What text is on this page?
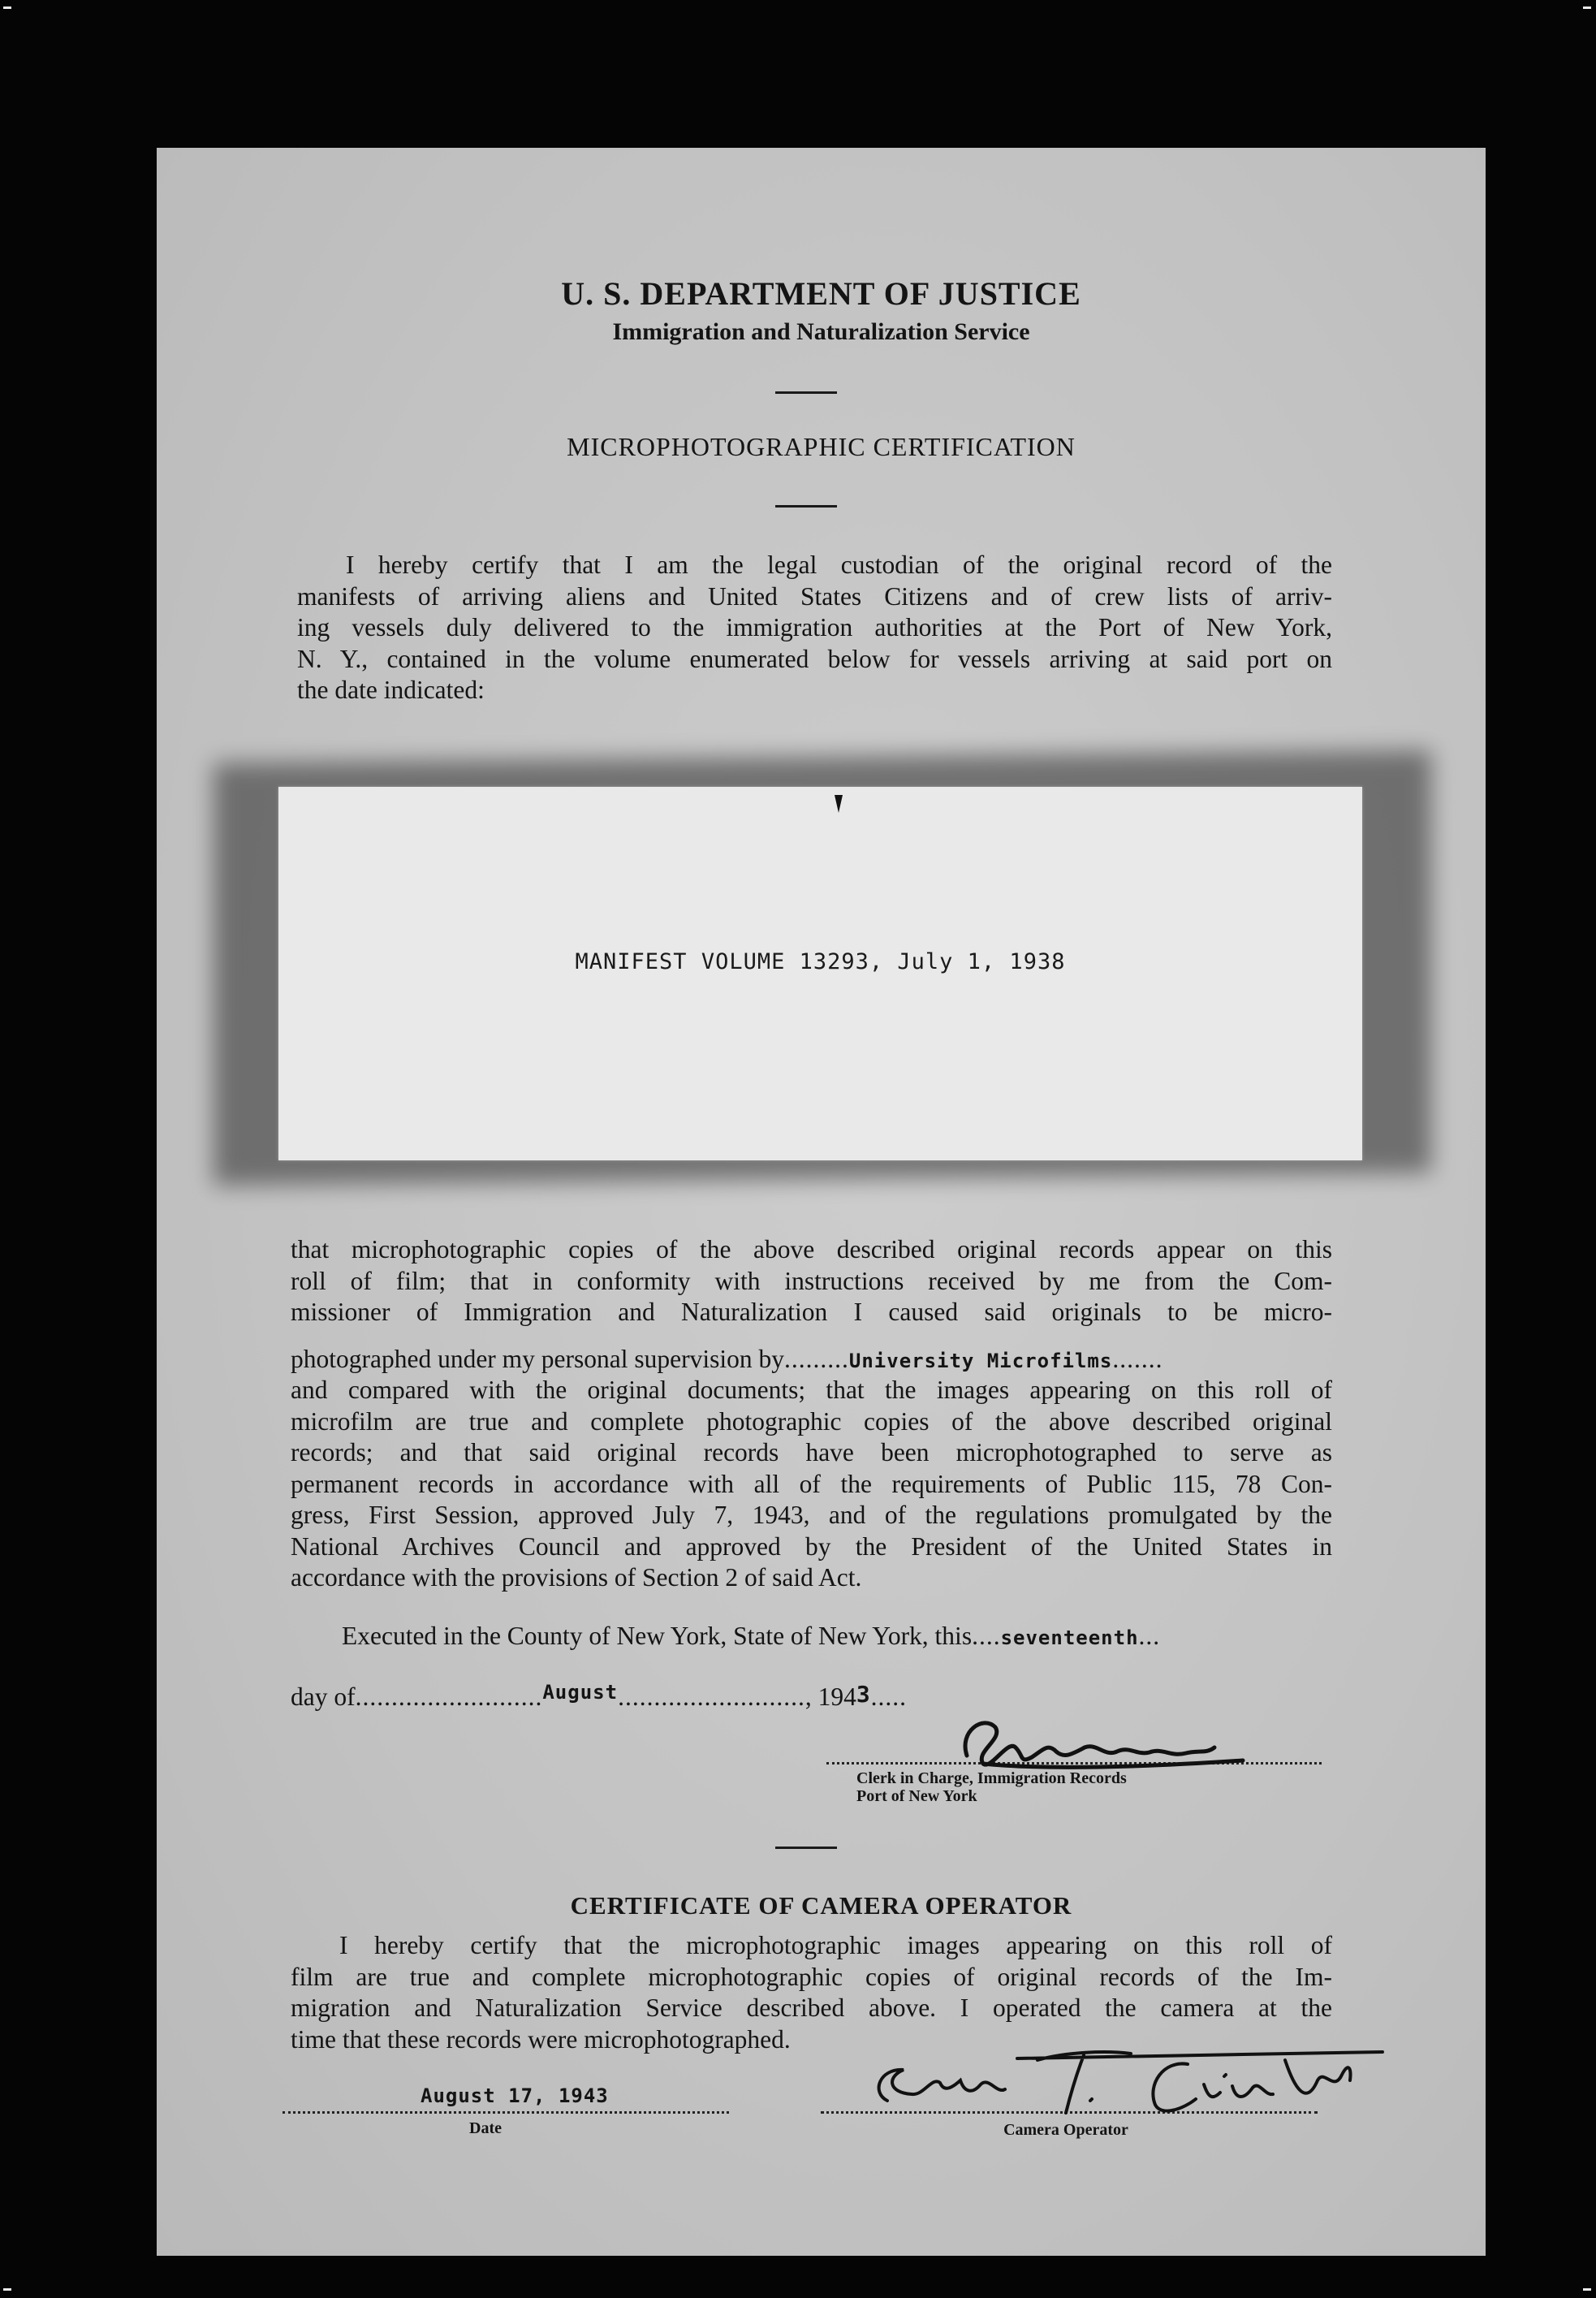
U. S. DEPARTMENT OF JUSTICE
Immigration and Naturalization Service
MICROPHOTOGRAPHIC CERTIFICATION

I hereby certify that I am the legal custodian of the original record of the

manifests of arriving aliens and United States Citizens and of crew lists of arriv-

ing vessels duly delivered to the immigration authorities at the Port of New York,

N. Y., contained in the volume enumerated below for vessels arriving at said port on

the date indicated:

MANIFEST VOLUME 13293, July 1, 1938

that microphotographic copies of the above described original records appear on this

roll of film; that in conformity with instructions received by me from the Com-

missioner of Immigration and Naturalization I caused said originals to be micro-

photographed under my personal supervision by.........University Microfilms.......

and compared with the original documents; that the images appearing on this roll of

microfilm are true and complete photographic copies of the above described original

records; and that said original records have been microphotographed to serve as

permanent records in accordance with all of the requirements of Public 115, 78 Con-

gress, First Session, approved July 7, 1943, and of the regulations promulgated by the

National Archives Council and approved by the President of the United States in

accordance with the provisions of Section 2 of said Act.

Executed in the County of New York, State of New York, this....seventeenth...
day of..........................$^{August}$.........................., 1943.....
Clerk in Charge, Immigration Records
Port of New York
CERTIFICATE OF CAMERA OPERATOR

I hereby certify that the microphotographic images appearing on this roll of

film are true and complete microphotographic copies of original records of the Im-

migration and Naturalization Service described above. I operated the camera at the

time that these records were microphotographed.

August 17, 1943
Date	Camera Operator
